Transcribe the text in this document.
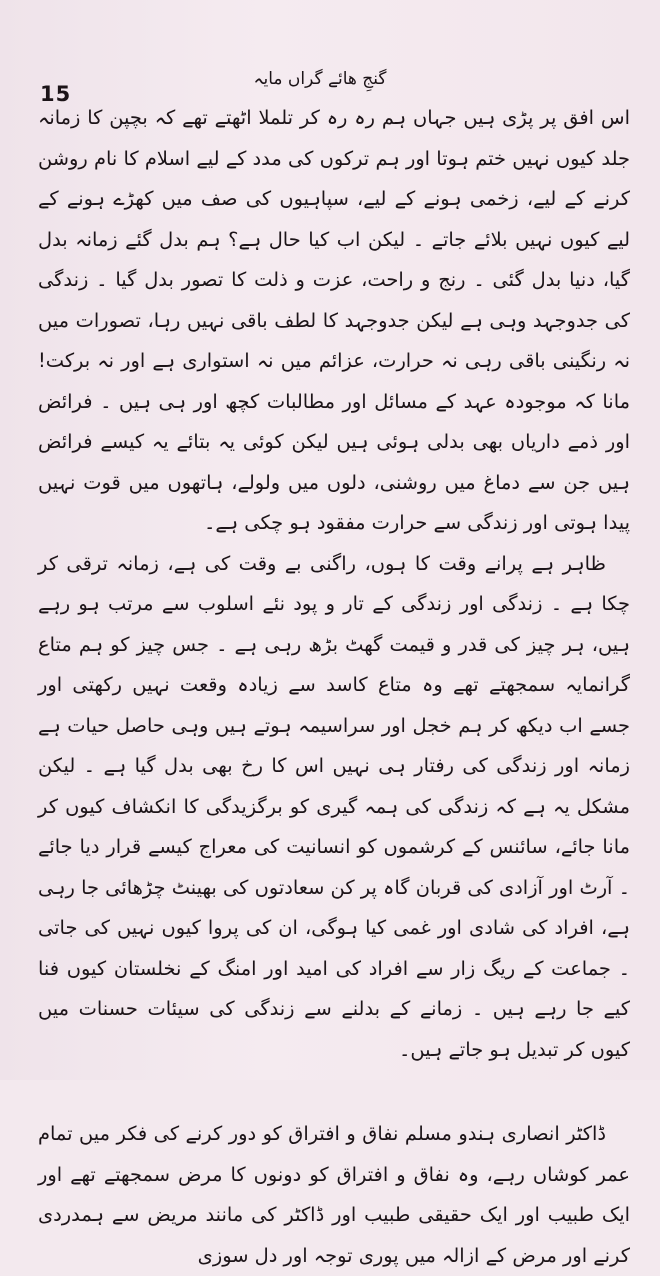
15
گنجِ ھائے گراں مایہ

اس افق پر پڑی ہیں جہاں ہم رہ رہ کر تلملا اٹھتے تھے کہ بچپن کا زمانہ جلد کیوں نہیں ختم ہوتا اور ہم ترکوں کی مدد کے لیے اسلام کا نام روشن کرنے کے لیے، زخمی ہونے کے لیے، سپاہیوں کی صف میں کھڑے ہونے کے لیے کیوں نہیں بلائے جاتے ۔ لیکن اب کیا حال ہے؟ ہم بدل گئے زمانہ بدل گیا، دنیا بدل گئی ۔ رنج و راحت، عزت و ذلت کا تصور بدل گیا ۔ زندگی کی جدوجہد وہی ہے لیکن جدوجہد کا لطف باقی نہیں رہا، تصورات میں نہ رنگینی باقی رہی نہ حرارت، عزائم میں نہ استواری ہے اور نہ برکت! مانا کہ موجودہ عہد کے مسائل اور مطالبات کچھ اور ہی ہیں ۔ فرائض اور ذمے داریاں بھی بدلی ہوئی ہیں لیکن کوئی یہ بتائے یہ کیسے فرائض ہیں جن سے دماغ میں روشنی، دلوں میں ولولے، ہاتھوں میں قوت نہیں پیدا ہوتی اور زندگی سے حرارت مفقود ہو چکی ہے۔

ظاہر ہے پرانے وقت کا ہوں، راگنی بے وقت کی ہے، زمانہ ترقی کر چکا ہے ۔ زندگی اور زندگی کے تار و پود نئے اسلوب سے مرتب ہو رہے ہیں، ہر چیز کی قدر و قیمت گھٹ بڑھ رہی ہے ۔ جس چیز کو ہم متاع گرانمایہ سمجھتے تھے وہ متاع کاسد سے زیادہ وقعت نہیں رکھتی اور جسے اب دیکھ کر ہم خجل اور سراسیمہ ہوتے ہیں وہی حاصل حیات ہے زمانہ اور زندگی کی رفتار ہی نہیں اس کا رخ بھی بدل گیا ہے ۔ لیکن مشکل یہ ہے کہ زندگی کی ہمہ گیری کو برگزیدگی کا انکشاف کیوں کر مانا جائے، سائنس کے کرشموں کو انسانیت کی معراج کیسے قرار دیا جائے ۔ آرٹ اور آزادی کی قربان گاہ پر کن سعادتوں کی بھینٹ چڑھائی جا رہی ہے، افراد کی شادی اور غمی کیا ہوگی، ان کی پروا کیوں نہیں کی جاتی ۔ جماعت کے ریگ زار سے افراد کی امید اور امنگ کے نخلستان کیوں فنا کیے جا رہے ہیں ۔ زمانے کے بدلنے سے زندگی کی سیئات حسنات میں کیوں کر تبدیل ہو جاتے ہیں۔

ڈاکٹر انصاری ہندو مسلم نفاق و افتراق کو دور کرنے کی فکر میں تمام عمر کوشاں رہے، وہ نفاق و افتراق کو دونوں کا مرض سمجھتے تھے اور ایک طبیب اور ایک حقیقی طبیب اور ڈاکٹر کی مانند مریض سے ہمدردی کرنے اور مرض کے ازالہ میں پوری توجہ اور دل سوزی
